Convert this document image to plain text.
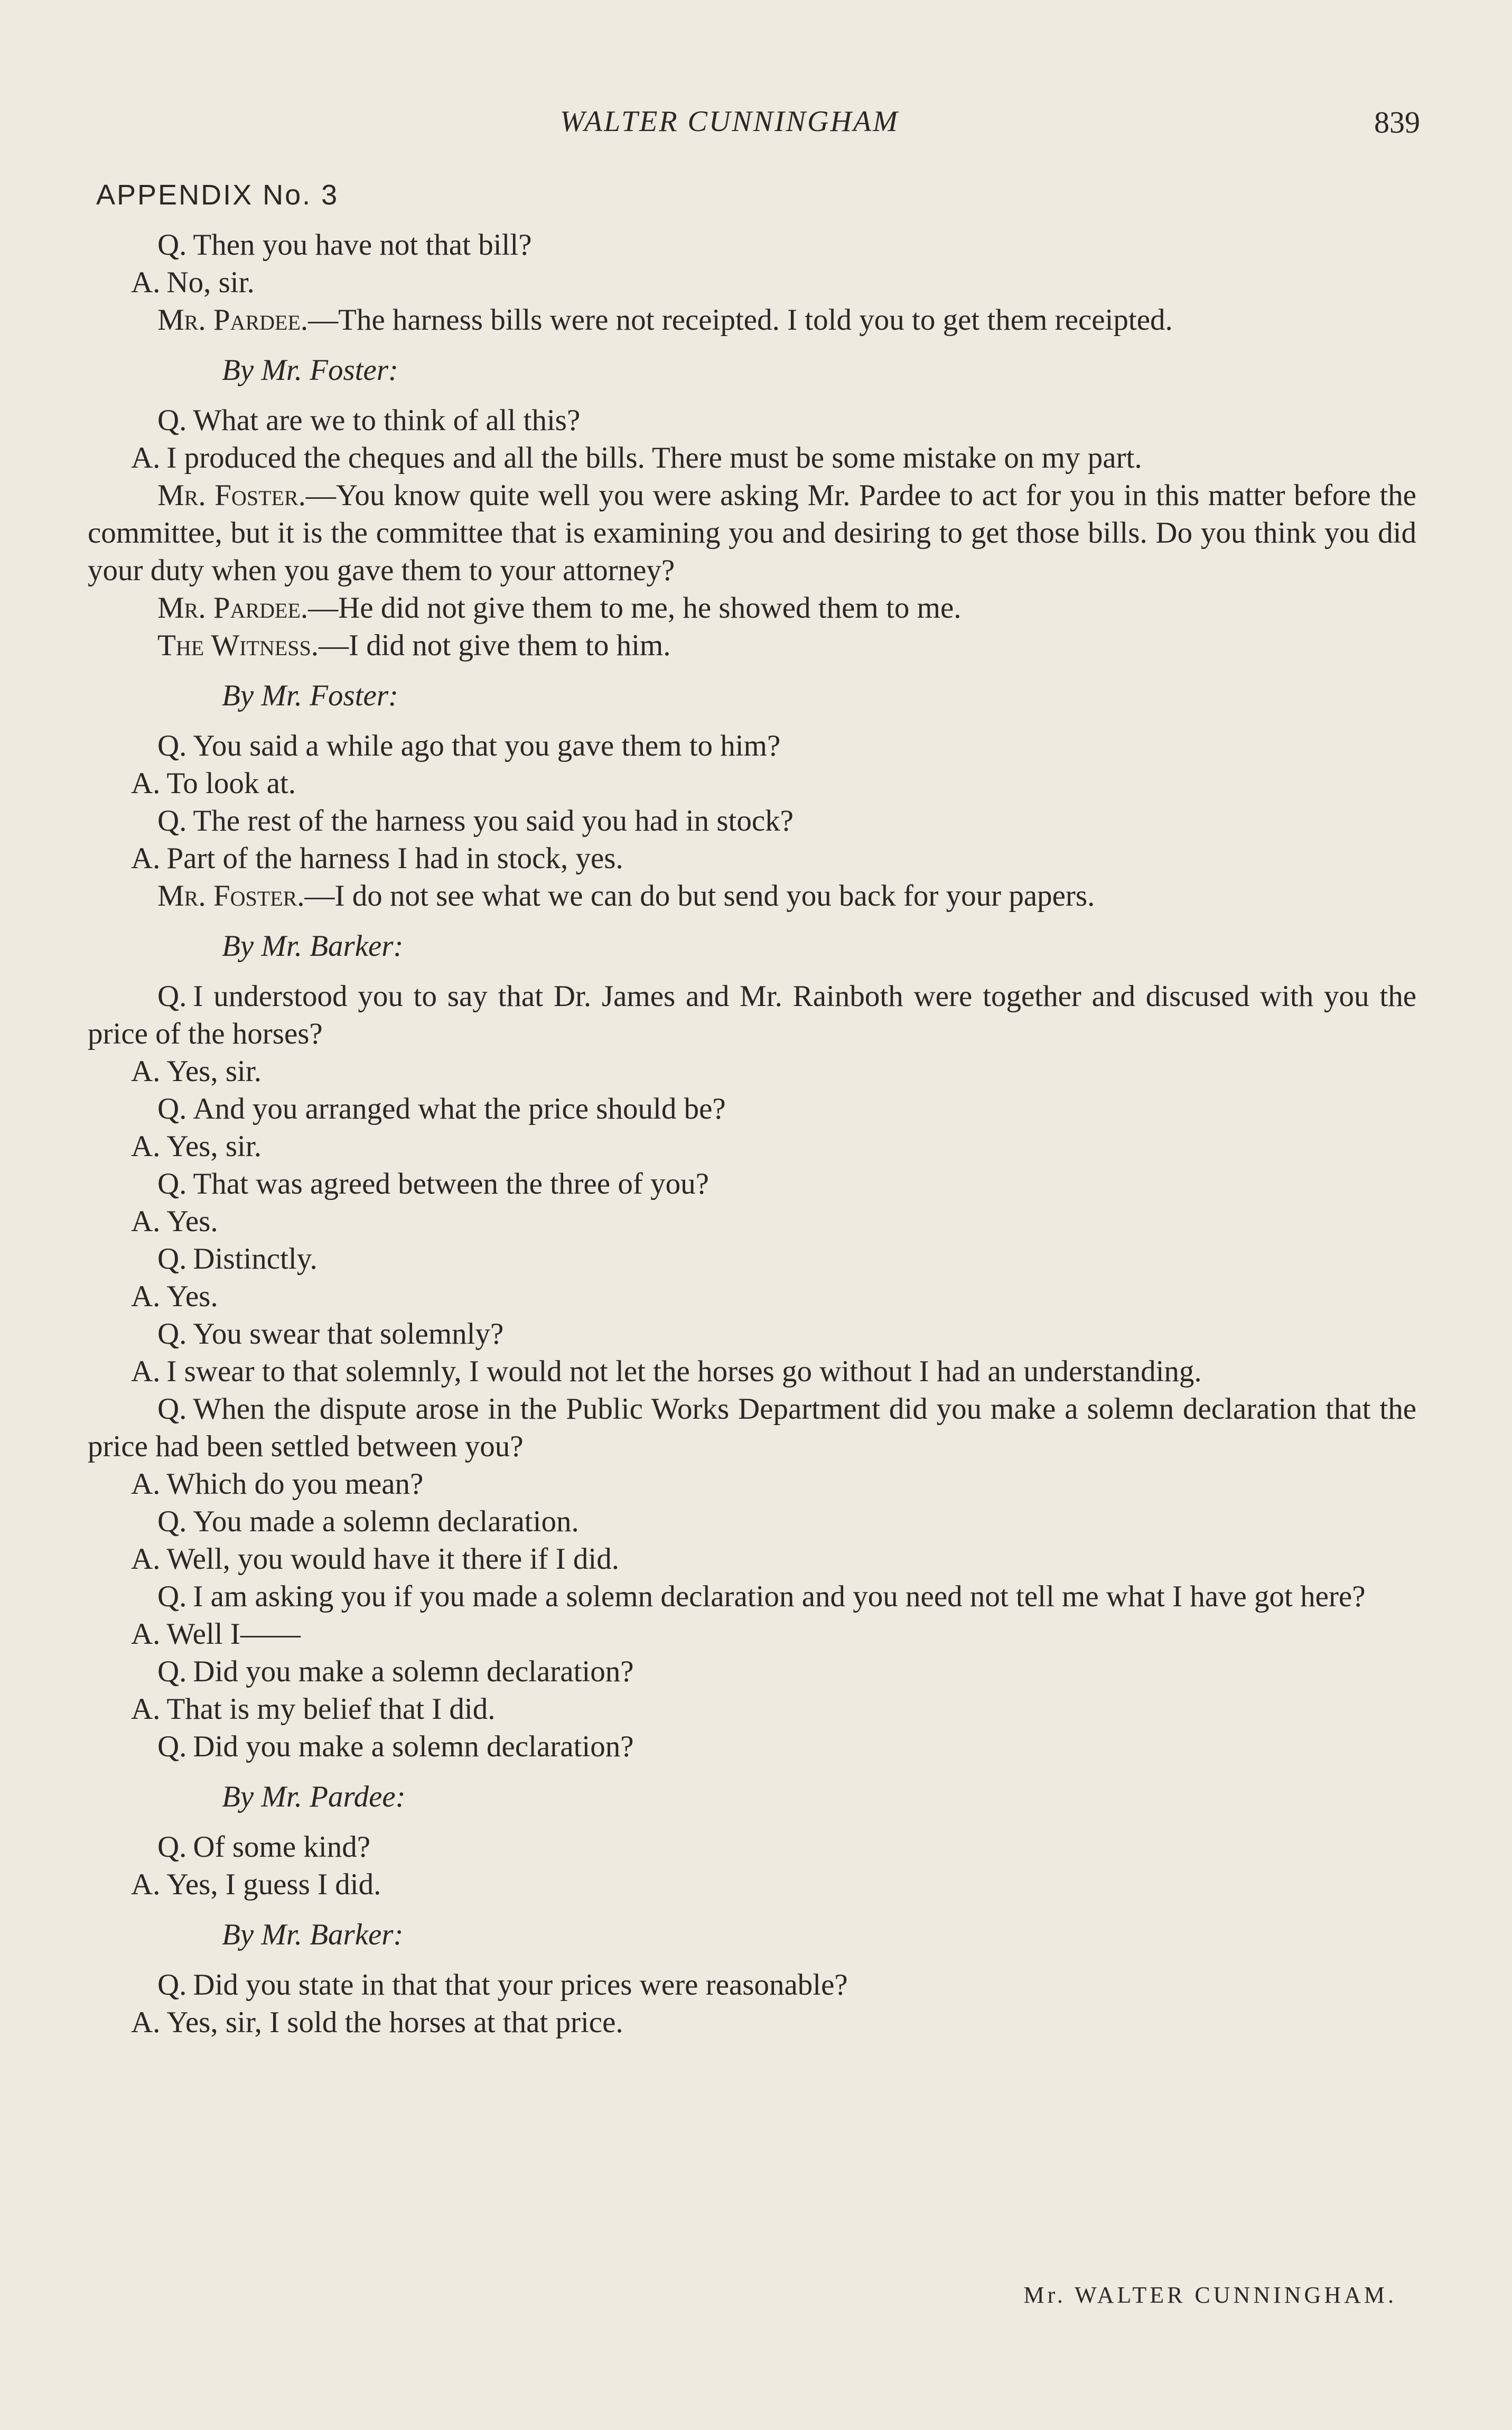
WALTER CUNNINGHAM	839
APPENDIX No. 3

Q. Then you have not that bill?

A. No, sir.

Mr. Pardee.—The harness bills were not receipted. I told you to get them receipted.

By Mr. Foster:

Q. What are we to think of all this?

A. I produced the cheques and all the bills. There must be some mistake on my part.

Mr. Foster.—You know quite well you were asking Mr. Pardee to act for you in this matter before the committee, but it is the committee that is examining you and desiring to get those bills. Do you think you did your duty when you gave them to your attorney?

Mr. Pardee.—He did not give them to me, he showed them to me.

The Witness.—I did not give them to him.

By Mr. Foster:

Q. You said a while ago that you gave them to him?

A. To look at.

Q. The rest of the harness you said you had in stock?

A. Part of the harness I had in stock, yes.

Mr. Foster.—I do not see what we can do but send you back for your papers.

By Mr. Barker:

Q. I understood you to say that Dr. James and Mr. Rainboth were together and discused with you the price of the horses?

A. Yes, sir.

Q. And you arranged what the price should be?

A. Yes, sir.

Q. That was agreed between the three of you?

A. Yes.

Q. Distinctly.

A. Yes.

Q. You swear that solemnly?

A. I swear to that solemnly, I would not let the horses go without I had an understanding.

Q. When the dispute arose in the Public Works Department did you make a solemn declaration that the price had been settled between you?

A. Which do you mean?

Q. You made a solemn declaration.

A. Well, you would have it there if I did.

Q. I am asking you if you made a solemn declaration and you need not tell me what I have got here?

A. Well I——

Q. Did you make a solemn declaration?

A. That is my belief that I did.

Q. Did you make a solemn declaration?

By Mr. Pardee:

Q. Of some kind?

A. Yes, I guess I did.

By Mr. Barker:

Q. Did you state in that that your prices were reasonable?

A. Yes, sir, I sold the horses at that price.

Mr. WALTER CUNNINGHAM.
